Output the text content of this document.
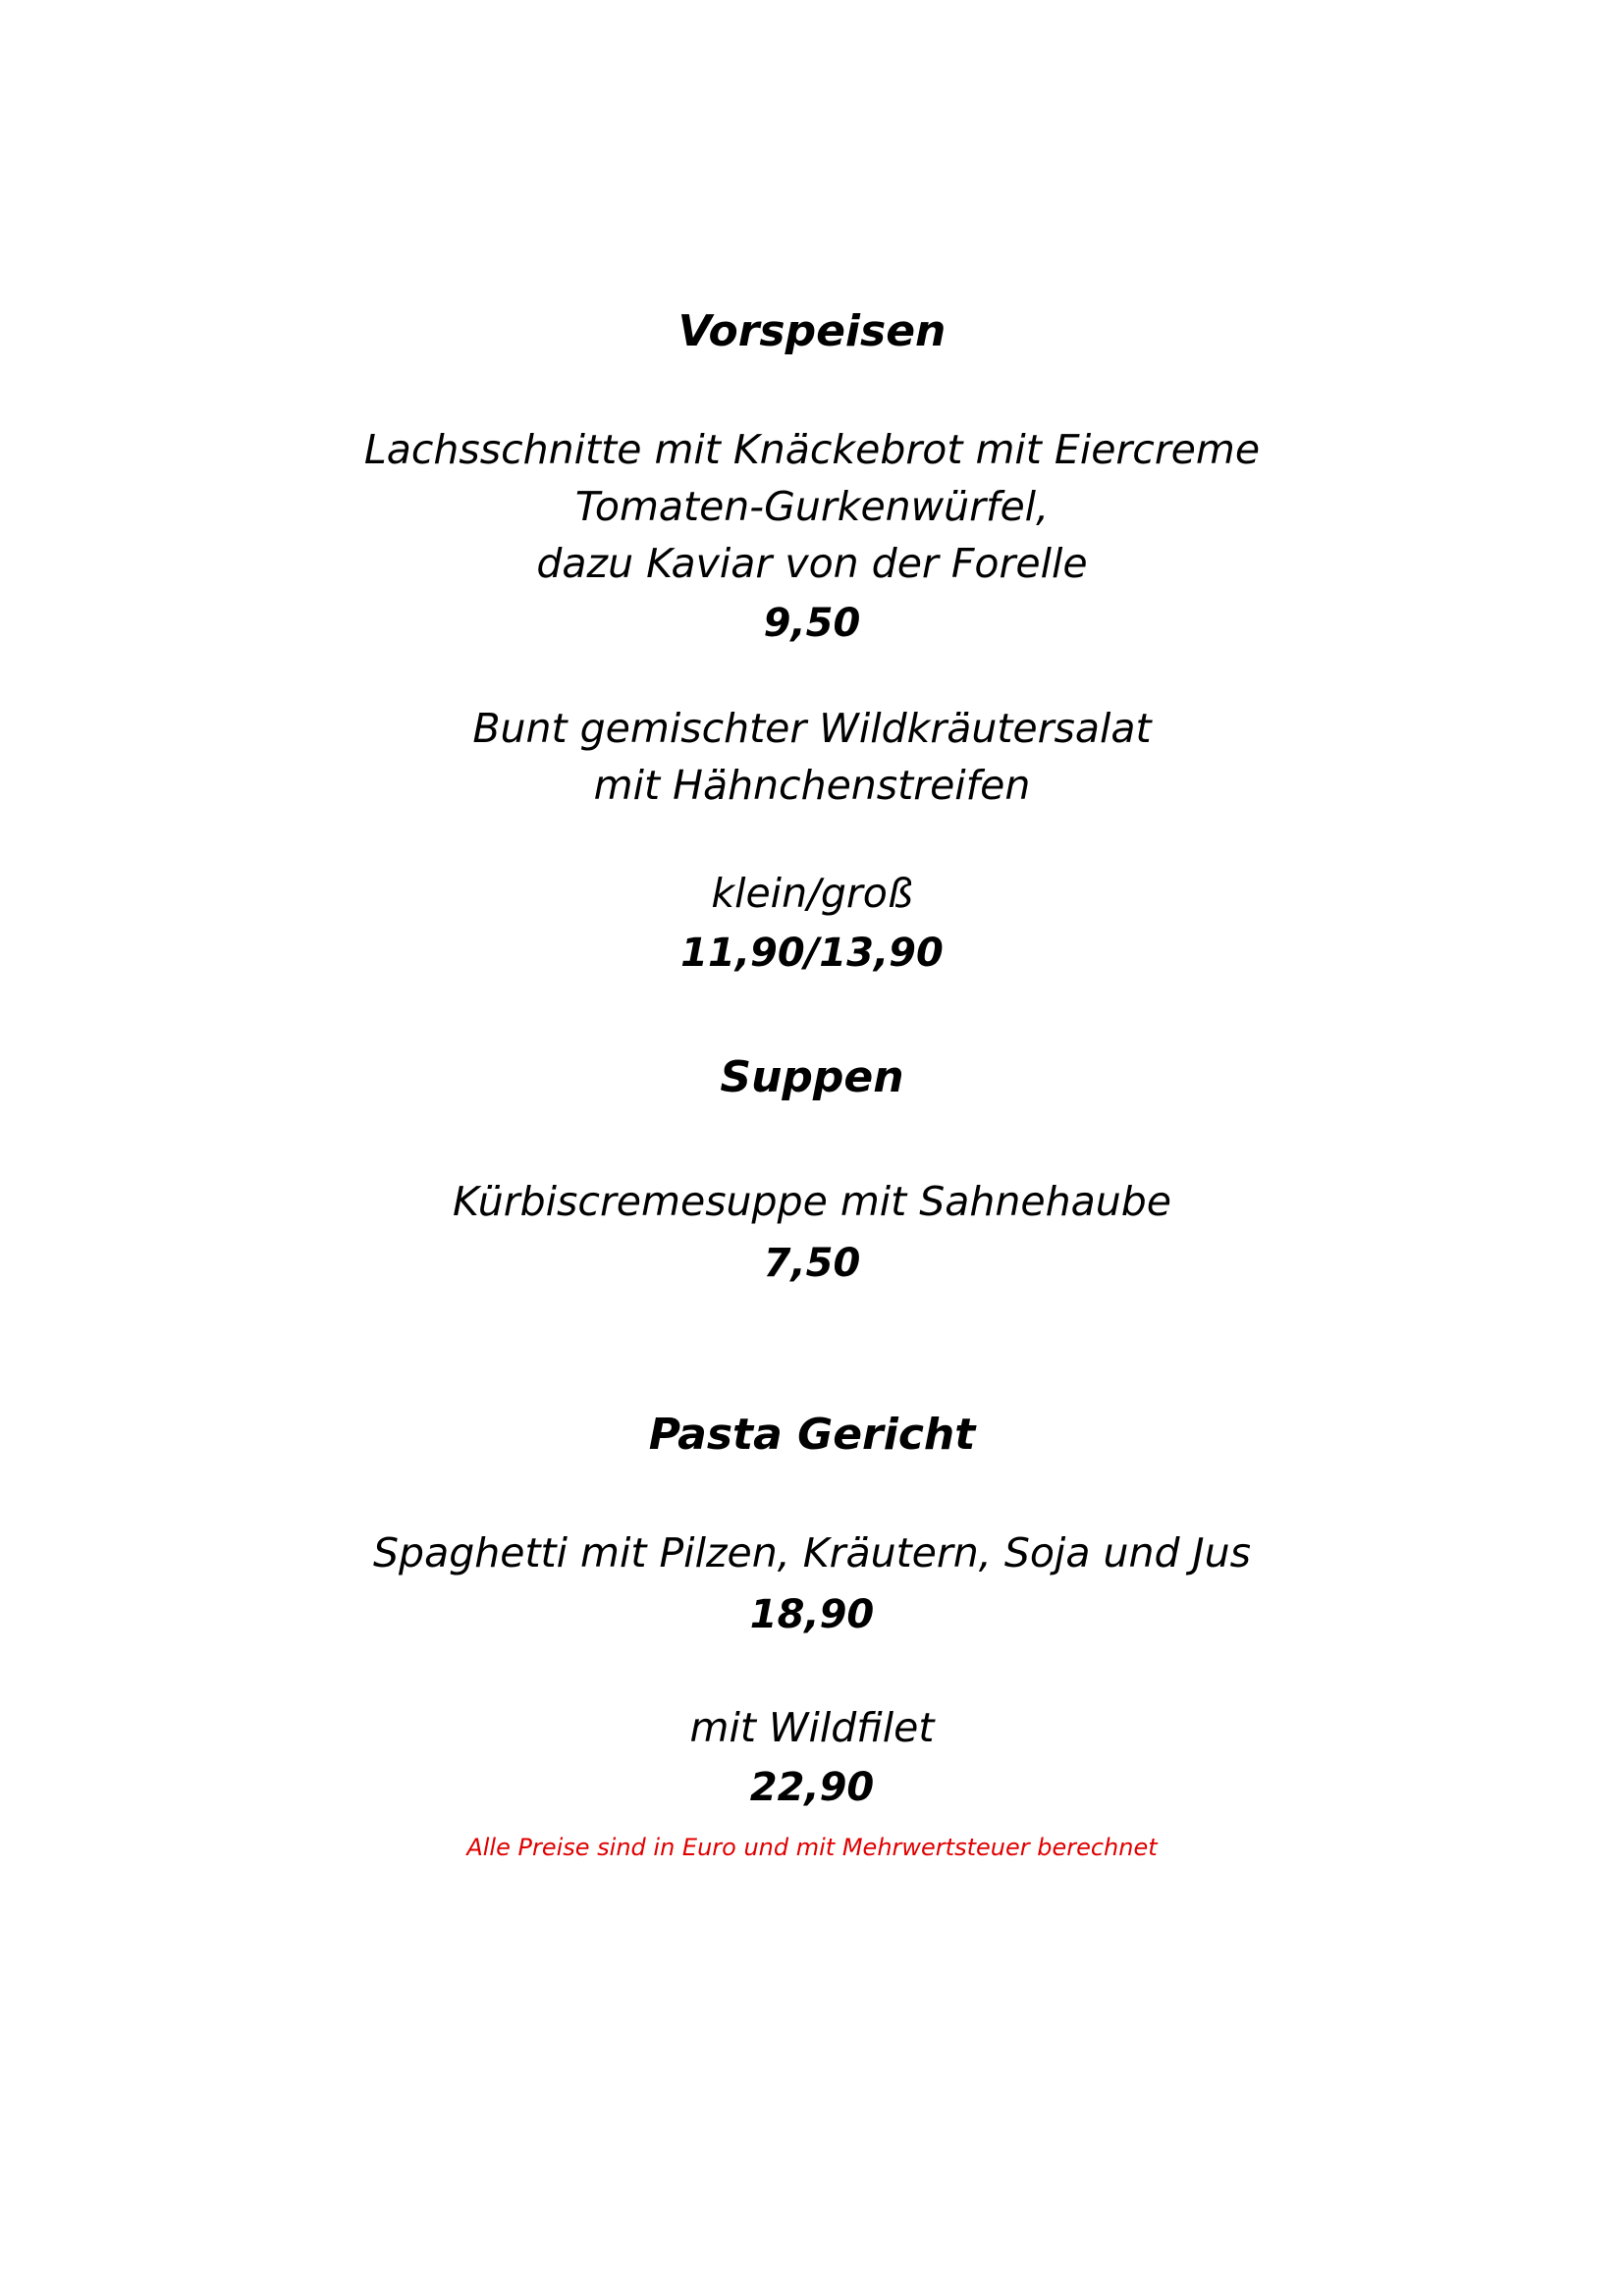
Vorspeisen

Lachsschnitte mit Knäckebrot mit Eiercreme

Tomaten-Gurkenwürfel,

dazu Kaviar von der Forelle

9,50

Bunt gemischter Wildkräutersalat

mit Hähnchenstreifen

klein/groß

11,90/13,90

Suppen

Kürbiscremesuppe mit Sahnehaube

7,50

Pasta Gericht

Spaghetti mit Pilzen, Kräutern, Soja und Jus

18,90

mit Wildfilet

22,90

Alle Preise sind in Euro und mit Mehrwertsteuer berechnet
